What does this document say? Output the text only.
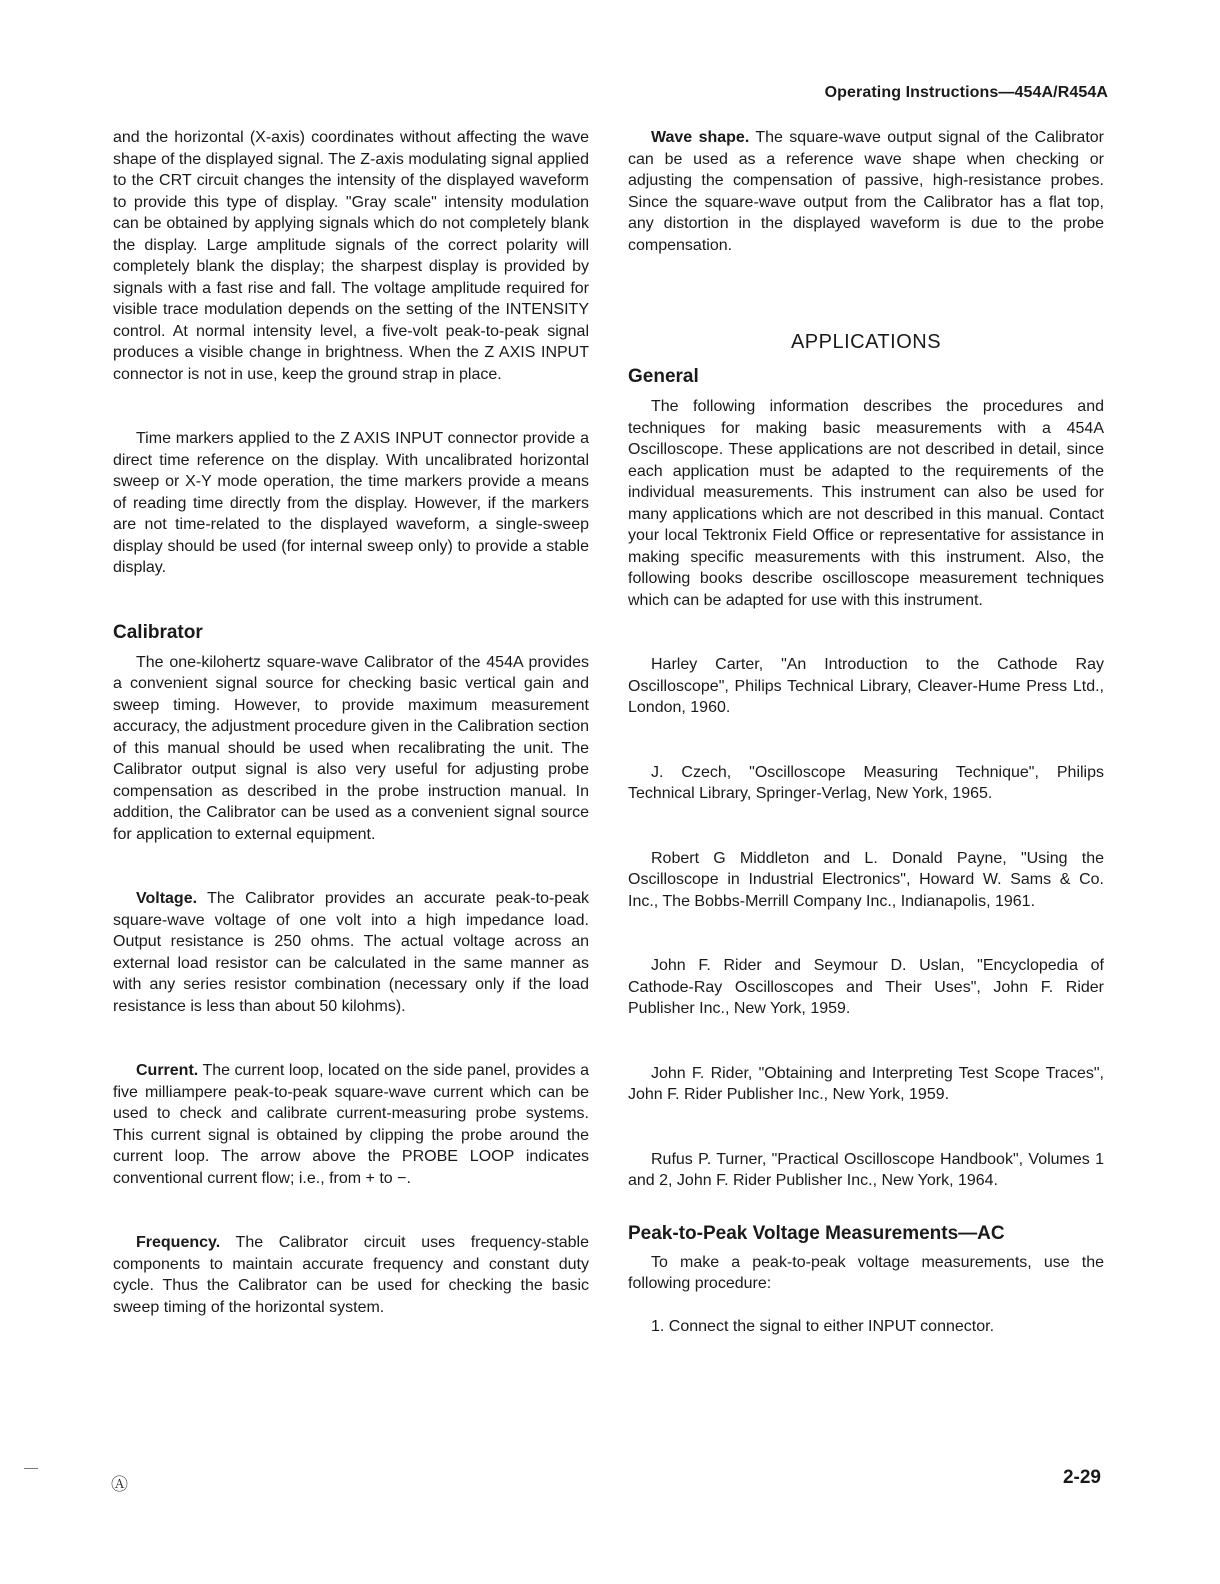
Operating Instructions—454A/R454A

and the horizontal (X-axis) coordinates without affecting the wave shape of the displayed signal. The Z-axis modulating signal applied to the CRT circuit changes the intensity of the displayed waveform to provide this type of display. "Gray scale" intensity modulation can be obtained by applying signals which do not completely blank the display. Large amplitude signals of the correct polarity will completely blank the display; the sharpest display is provided by signals with a fast rise and fall. The voltage amplitude required for visible trace modulation depends on the setting of the INTENSITY control. At normal intensity level, a five-volt peak-to-peak signal produces a visible change in brightness. When the Z AXIS INPUT connector is not in use, keep the ground strap in place.

Time markers applied to the Z AXIS INPUT connector provide a direct time reference on the display. With uncalibrated horizontal sweep or X-Y mode operation, the time markers provide a means of reading time directly from the display. However, if the markers are not time-related to the displayed waveform, a single-sweep display should be used (for internal sweep only) to provide a stable display.

Calibrator

The one-kilohertz square-wave Calibrator of the 454A provides a convenient signal source for checking basic vertical gain and sweep timing. However, to provide maximum measurement accuracy, the adjustment procedure given in the Calibration section of this manual should be used when recalibrating the unit. The Calibrator output signal is also very useful for adjusting probe compensation as described in the probe instruction manual. In addition, the Calibrator can be used as a convenient signal source for application to external equipment.

Voltage. The Calibrator provides an accurate peak-to-peak square-wave voltage of one volt into a high impedance load. Output resistance is 250 ohms. The actual voltage across an external load resistor can be calculated in the same manner as with any series resistor combination (necessary only if the load resistance is less than about 50 kilohms).

Current. The current loop, located on the side panel, provides a five milliampere peak-to-peak square-wave current which can be used to check and calibrate current-measuring probe systems. This current signal is obtained by clipping the probe around the current loop. The arrow above the PROBE LOOP indicates conventional current flow; i.e., from + to −.

Frequency. The Calibrator circuit uses frequency-stable components to maintain accurate frequency and constant duty cycle. Thus the Calibrator can be used for checking the basic sweep timing of the horizontal system.

Wave shape. The square-wave output signal of the Calibrator can be used as a reference wave shape when checking or adjusting the compensation of passive, high-resistance probes. Since the square-wave output from the Calibrator has a flat top, any distortion in the displayed waveform is due to the probe compensation.

APPLICATIONS
General

The following information describes the procedures and techniques for making basic measurements with a 454A Oscilloscope. These applications are not described in detail, since each application must be adapted to the requirements of the individual measurements. This instrument can also be used for many applications which are not described in this manual. Contact your local Tektronix Field Office or representative for assistance in making specific measurements with this instrument. Also, the following books describe oscilloscope measurement techniques which can be adapted for use with this instrument.

Harley Carter, "An Introduction to the Cathode Ray Oscilloscope", Philips Technical Library, Cleaver-Hume Press Ltd., London, 1960.

J. Czech, "Oscilloscope Measuring Technique", Philips Technical Library, Springer-Verlag, New York, 1965.

Robert G Middleton and L. Donald Payne, "Using the Oscilloscope in Industrial Electronics", Howard W. Sams & Co. Inc., The Bobbs-Merrill Company Inc., Indianapolis, 1961.

John F. Rider and Seymour D. Uslan, "Encyclopedia of Cathode-Ray Oscilloscopes and Their Uses", John F. Rider Publisher Inc., New York, 1959.

John F. Rider, "Obtaining and Interpreting Test Scope Traces", John F. Rider Publisher Inc., New York, 1959.

Rufus P. Turner, "Practical Oscilloscope Handbook", Volumes 1 and 2, John F. Rider Publisher Inc., New York, 1964.

Peak-to-Peak Voltage Measurements—AC

To make a peak-to-peak voltage measurements, use the following procedure:

1. Connect the signal to either INPUT connector.

Ⓐ	2-29
